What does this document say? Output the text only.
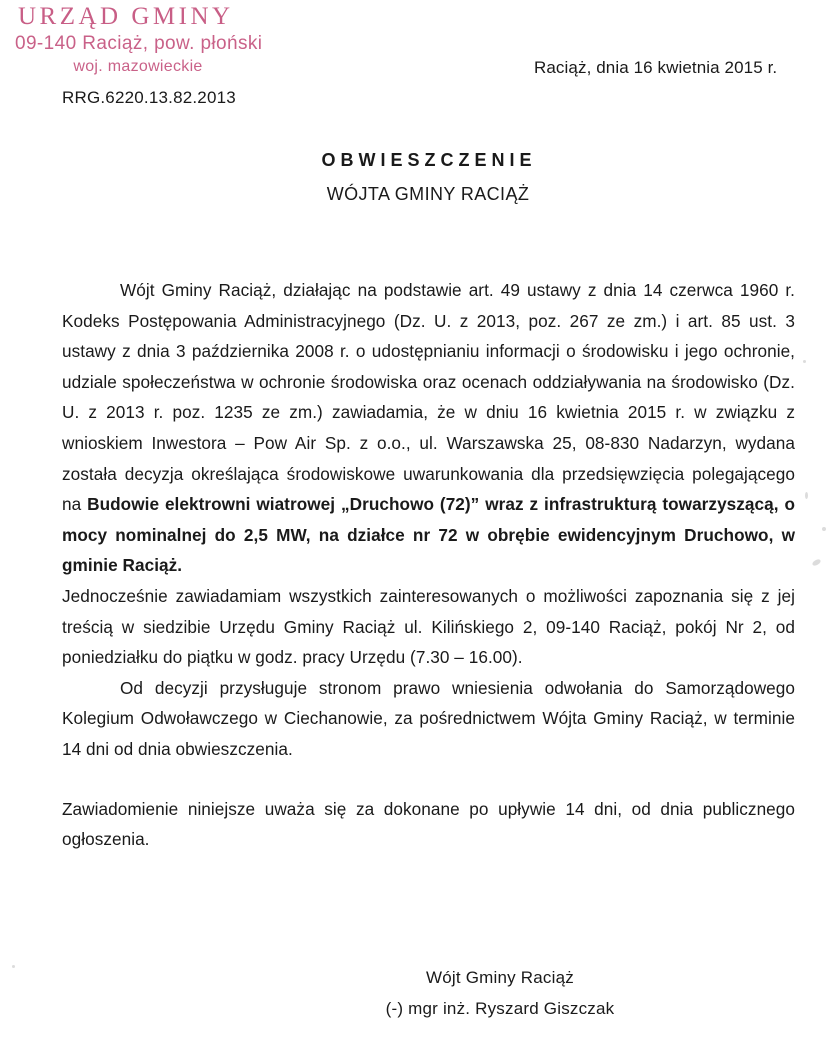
URZĄD GMINY
09-140 Raciąż, pow. płoński
woj. mazowieckie
RRG.6220.13.82.2013
Raciąż, dnia 16 kwietnia 2015 r.
OBWIESZCZENIE
WÓJTA GMINY RACIĄŻ

Wójt Gminy Raciąż, działając na podstawie art. 49 ustawy z dnia 14 czerwca 1960 r. Kodeks Postępowania Administracyjnego (Dz. U. z 2013, poz. 267 ze zm.) i art. 85 ust. 3 ustawy z dnia 3 października 2008 r. o udostępnianiu informacji o środowisku i jego ochronie, udziale społeczeństwa w ochronie środowiska oraz ocenach oddziaływania na środowisko (Dz. U. z 2013 r. poz. 1235 ze zm.) zawiadamia, że w dniu 16 kwietnia 2015 r. w związku z wnioskiem Inwestora – Pow Air Sp. z o.o., ul. Warszawska 25, 08-830 Nadarzyn, wydana została decyzja określająca środowiskowe uwarunkowania dla przedsięwzięcia polegającego na Budowie elektrowni wiatrowej „Druchowo (72)” wraz z infrastrukturą towarzyszącą, o mocy nominalnej do 2,5 MW, na działce nr 72 w obrębie ewidencyjnym Druchowo, w gminie Raciąż.

Jednocześnie zawiadamiam wszystkich zainteresowanych o możliwości zapoznania się z jej treścią w siedzibie Urzędu Gminy Raciąż ul. Kilińskiego 2, 09-140 Raciąż, pokój Nr 2, od poniedziałku do piątku w godz. pracy Urzędu (7.30 – 16.00).

Od decyzji przysługuje stronom prawo wniesienia odwołania do Samorządowego Kolegium Odwoławczego w Ciechanowie, za pośrednictwem Wójta Gminy Raciąż, w terminie 14 dni od dnia obwieszczenia.

Zawiadomienie niniejsze uważa się za dokonane po upływie 14 dni, od dnia publicznego ogłoszenia.

Wójt Gminy Raciąż
(-) mgr inż. Ryszard Giszczak
